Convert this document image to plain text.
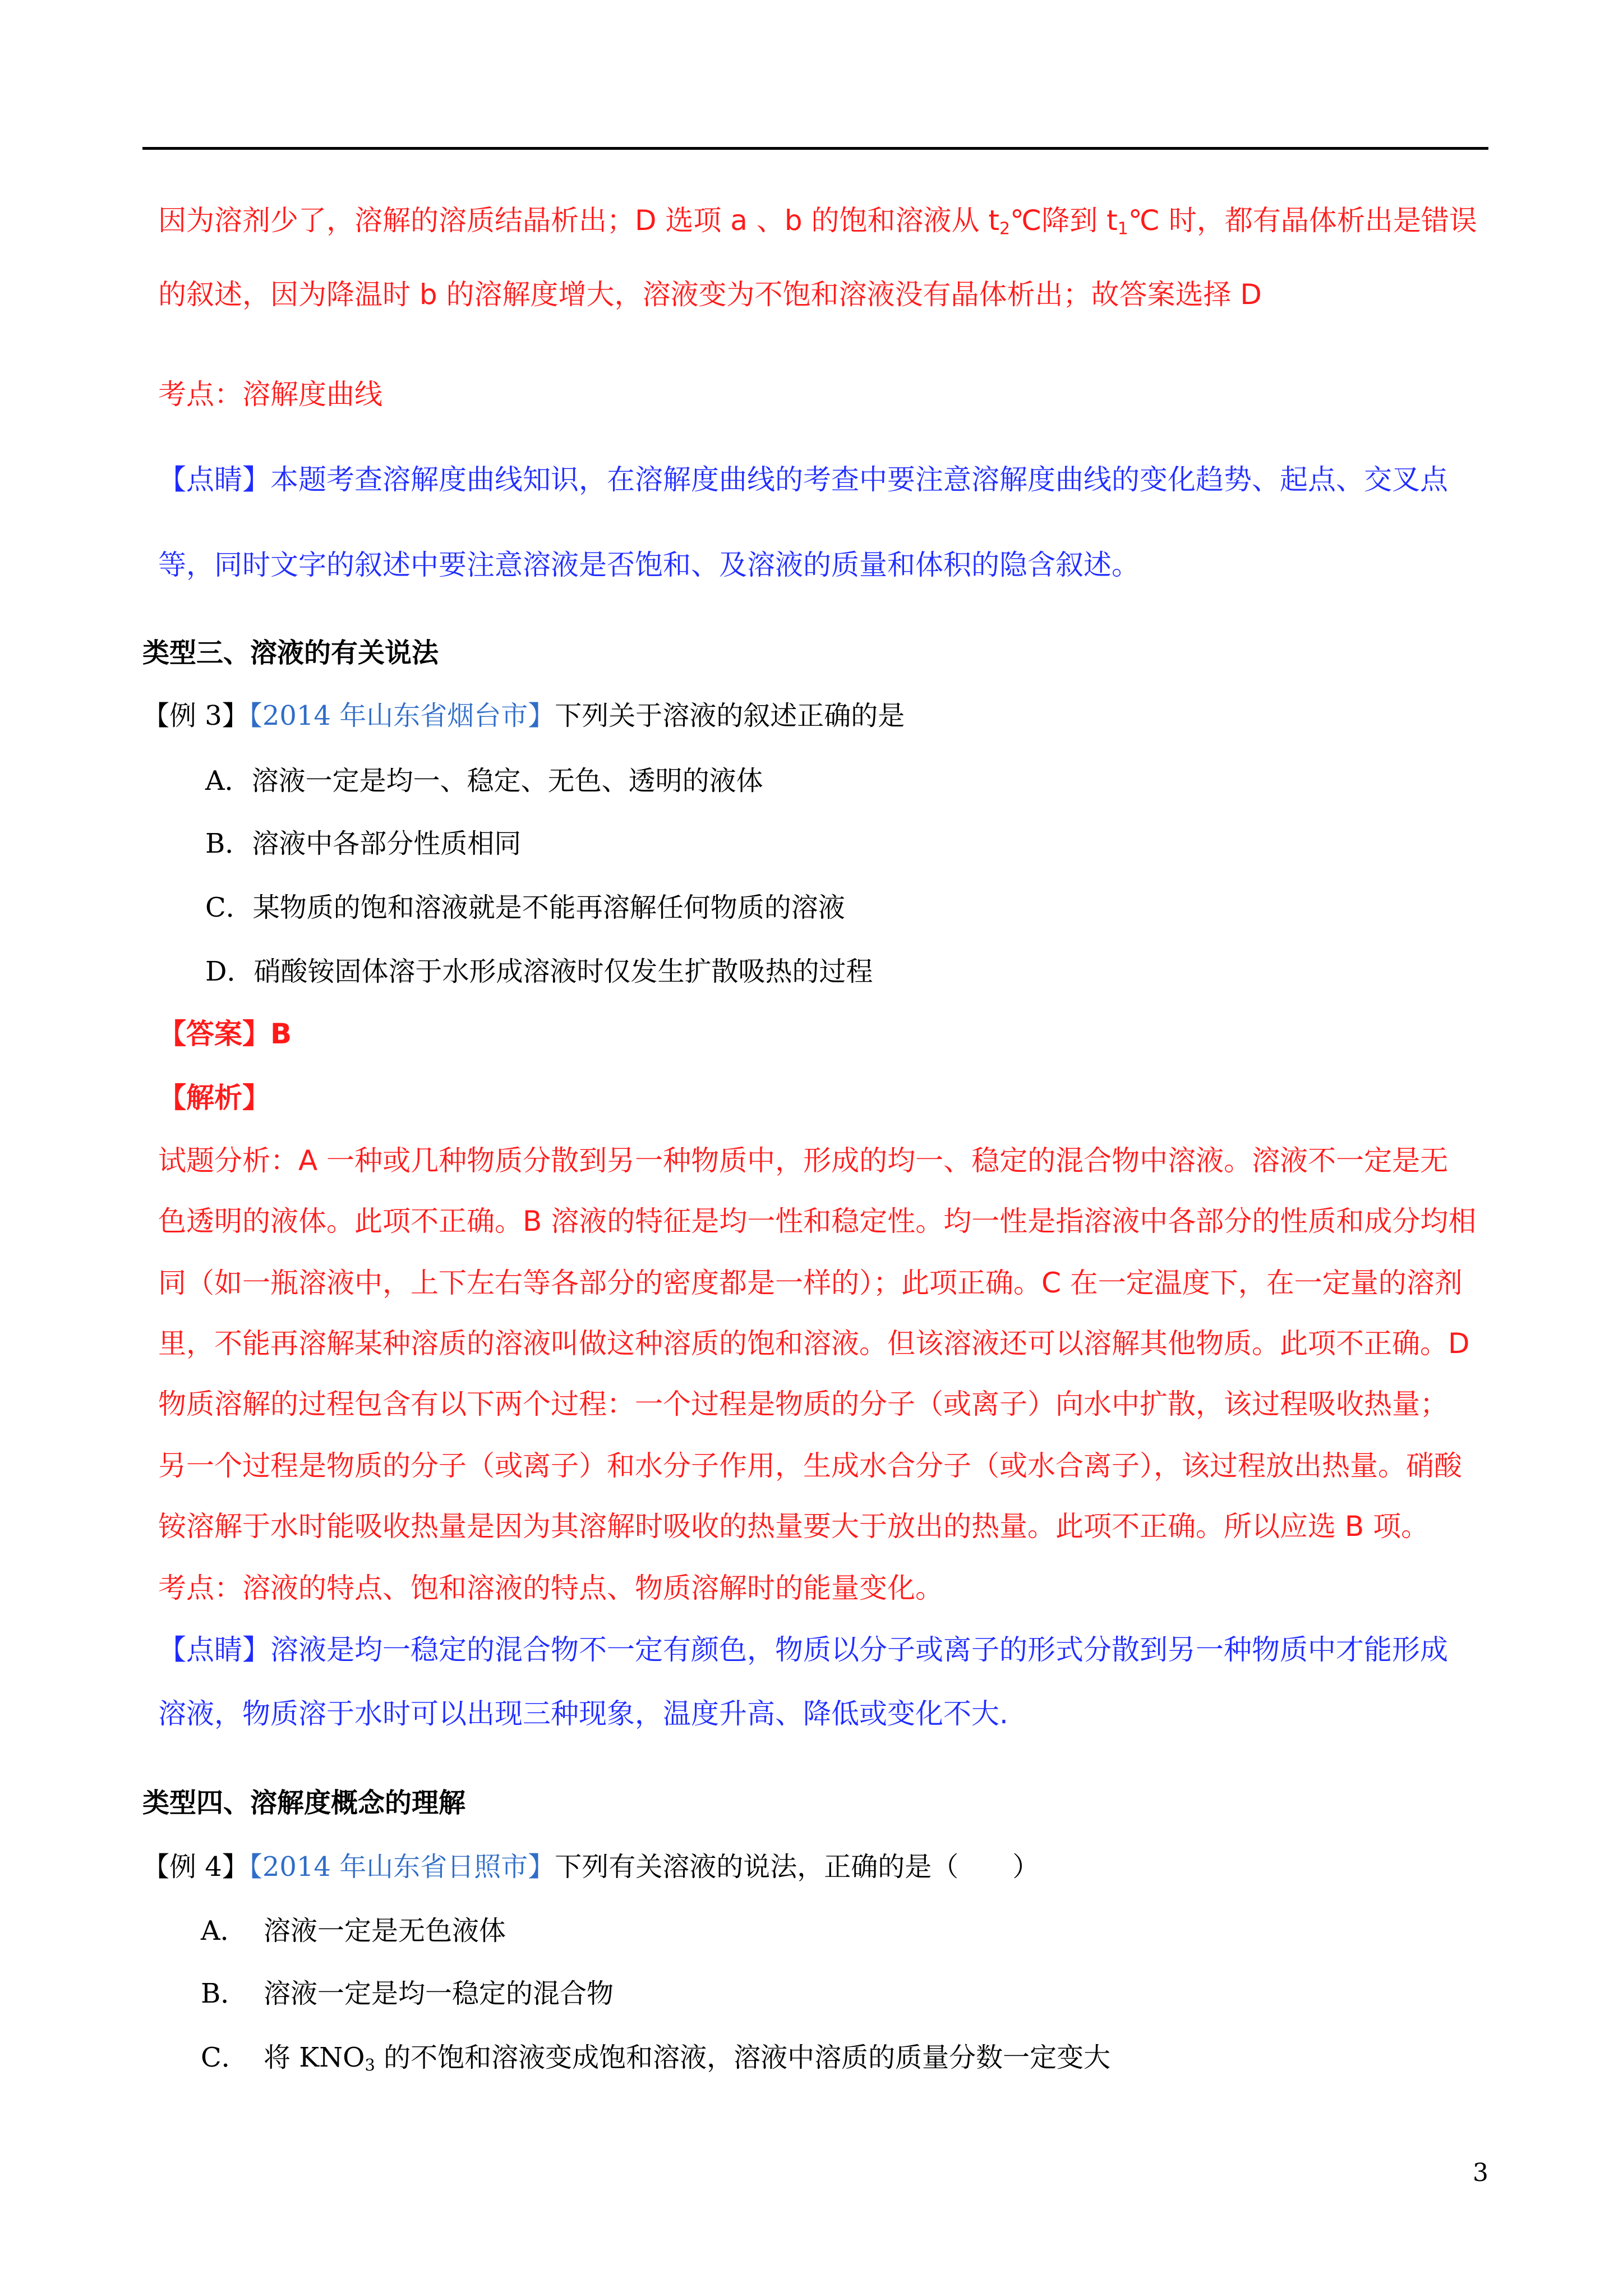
因为溶剂少了，溶解的溶质结晶析出；D 选项 a 、b 的饱和溶液从 $t_2℃$降到 $t_1℃$ 时，都有晶体析出是错误
的叙述，因为降温时 b 的溶解度增大，溶液变为不饱和溶液没有晶体析出；故答案选择 D
考点：溶解度曲线
【点睛】本题考查溶解度曲线知识，在溶解度曲线的考查中要注意溶解度曲线的变化趋势、起点、交叉点
等，同时文字的叙述中要注意溶液是否饱和、及溶液的质量和体积的隐含叙述。
类型三、溶液的有关说法
【例 3】【2014 年山东省烟台市】下列关于溶液的叙述正确的是
A．溶液一定是均一、稳定、无色、透明的液体
B．溶液中各部分性质相同
C．某物质的饱和溶液就是不能再溶解任何物质的溶液
D．硝酸铵固体溶于水形成溶液时仅发生扩散吸热的过程
【答案】B
【解析】
试题分析：A 一种或几种物质分散到另一种物质中，形成的均一、稳定的混合物中溶液。溶液不一定是无
色透明的液体。此项不正确。B 溶液的特征是均一性和稳定性。均一性是指溶液中各部分的性质和成分均相
同（如一瓶溶液中，上下左右等各部分的密度都是一样的）；此项正确。C 在一定温度下，在一定量的溶剂
里，不能再溶解某种溶质的溶液叫做这种溶质的饱和溶液。但该溶液还可以溶解其他物质。此项不正确。D
物质溶解的过程包含有以下两个过程：一个过程是物质的分子（或离子）向水中扩散，该过程吸收热量；
另一个过程是物质的分子（或离子）和水分子作用，生成水合分子（或水合离子），该过程放出热量。硝酸
铵溶解于水时能吸收热量是因为其溶解时吸收的热量要大于放出的热量。此项不正确。所以应选 B 项。
考点：溶液的特点、饱和溶液的特点、物质溶解时的能量变化。
【点睛】溶液是均一稳定的混合物不一定有颜色，物质以分子或离子的形式分散到另一种物质中才能形成
溶液，物质溶于水时可以出现三种现象，温度升高、降低或变化不大.
类型四、溶解度概念的理解
【例 4】【2014 年山东省日照市】下列有关溶液的说法，正确的是（　　）
A． 溶液一定是无色液体
B． 溶液一定是均一稳定的混合物
C． 将 $KNO_3$ 的不饱和溶液变成饱和溶液，溶液中溶质的质量分数一定变大
3
